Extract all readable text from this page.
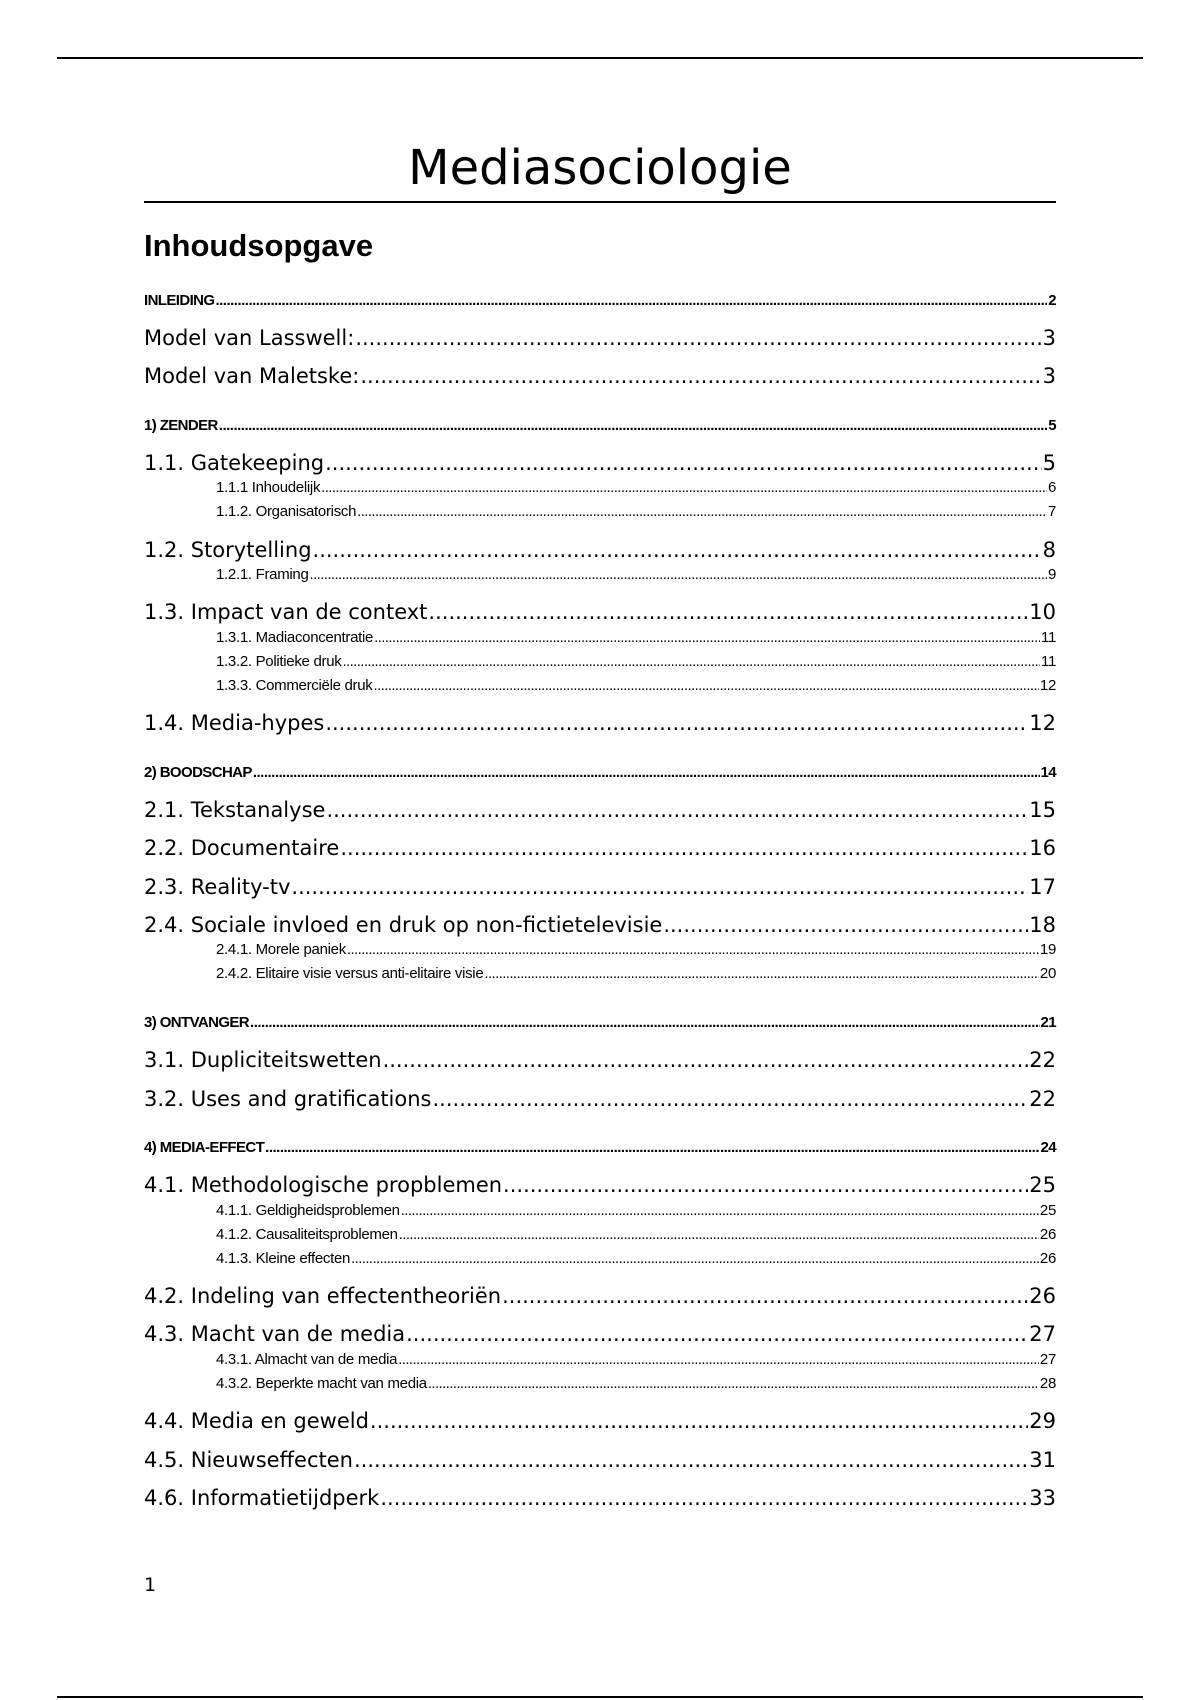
Mediasociologie
Inhoudsopgave
INLEIDING .....	2
Model van Lasswell: .....	3
Model van Maletske: .....	3
1) ZENDER .....	5
1.1. Gatekeeping .....	5
1.1.1 Inhoudelijk .....	6
1.1.2. Organisatorisch .....	7
1.2. Storytelling .....	8
1.2.1. Framing .....	9
1.3. Impact van de context .....	10
1.3.1. Madiaconcentratie .....	11
1.3.2. Politieke druk .....	11
1.3.3. Commerciële druk .....	12
1.4. Media-hypes .....	12
2) BOODSCHAP .....	14
2.1. Tekstanalyse .....	15
2.2. Documentaire .....	16
2.3. Reality-tv .....	17
2.4. Sociale invloed en druk op non-fictietelevisie .....	18
2.4.1. Morele paniek .....	19
2.4.2. Elitaire visie versus anti-elitaire visie .....	20
3) ONTVANGER .....	21
3.1. Dupliciteitswetten .....	22
3.2. Uses and gratifications .....	22
4) MEDIA-EFFECT .....	24
4.1. Methodologische propblemen .....	25
4.1.1. Geldigheidsproblemen .....	25
4.1.2. Causaliteitsproblemen .....	26
4.1.3. Kleine effecten .....	26
4.2. Indeling van effectentheoriën .....	26
4.3. Macht van de media .....	27
4.3.1. Almacht van de media .....	27
4.3.2. Beperkte macht van media .....	28
4.4. Media en geweld .....	29
4.5. Nieuwseffecten .....	31
4.6. Informatietijdperk .....	33
1
